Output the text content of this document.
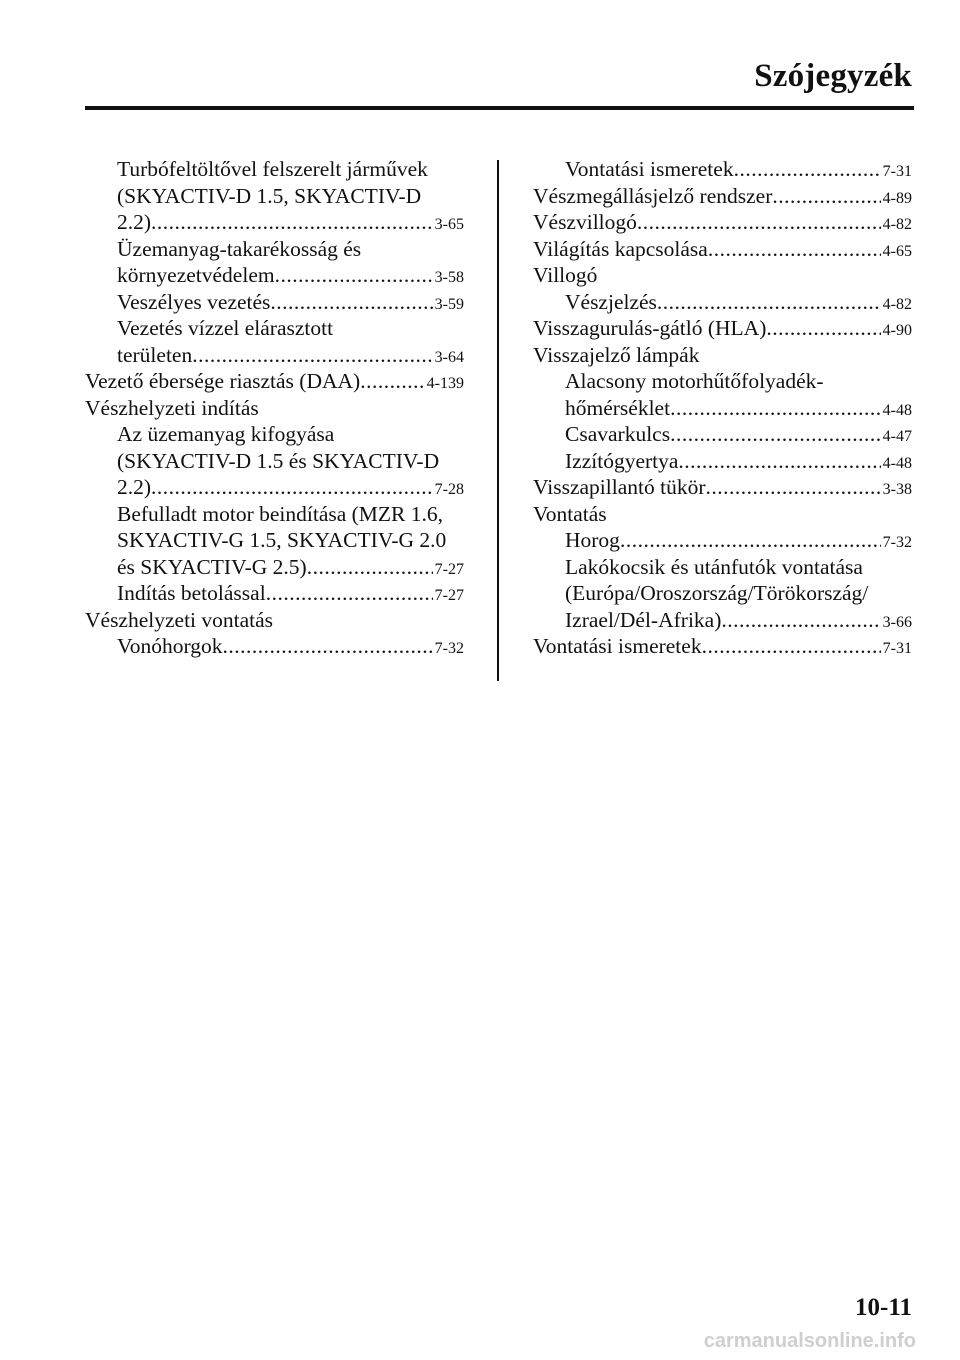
Szójegyzék
Turbófeltöltővel felszerelt járművek
(SKYACTIV-D 1.5, SKYACTIV-D
2.2) .....	3-65
Üzemanyag-takarékosság és
környezetvédelem .....	3-58
Veszélyes vezetés .....	3-59
Vezetés vízzel elárasztott
területen .....	3-64
Vezető ébersége riasztás (DAA) .....	4-139
Vészhelyzeti indítás
Az üzemanyag kifogyása
(SKYACTIV-D 1.5 és SKYACTIV-D
2.2) .....	7-28
Befulladt motor beindítása (MZR 1.6,
SKYACTIV-G 1.5, SKYACTIV-G 2.0
és SKYACTIV-G 2.5) .....	7-27
Indítás betolással .....	7-27
Vészhelyzeti vontatás
Vonóhorgok .....	7-32
Vontatási ismeretek .....	7-31
Vészmegállásjelző rendszer .....	4-89
Vészvillogó .....	4-82
Világítás kapcsolása .....	4-65
Villogó
Vészjelzés .....	4-82
Visszagurulás-gátló (HLA) .....	4-90
Visszajelző lámpák
Alacsony motorhűtőfolyadék-
hőmérséklet .....	4-48
Csavarkulcs .....	4-47
Izzítógyertya .....	4-48
Visszapillantó tükör .....	3-38
Vontatás
Horog .....	7-32
Lakókocsik és utánfutók vontatása
(Európa/Oroszország/Törökország/
Izrael/Dél-Afrika) .....	3-66
Vontatási ismeretek .....	7-31
10-11
carmanualsonline.info
